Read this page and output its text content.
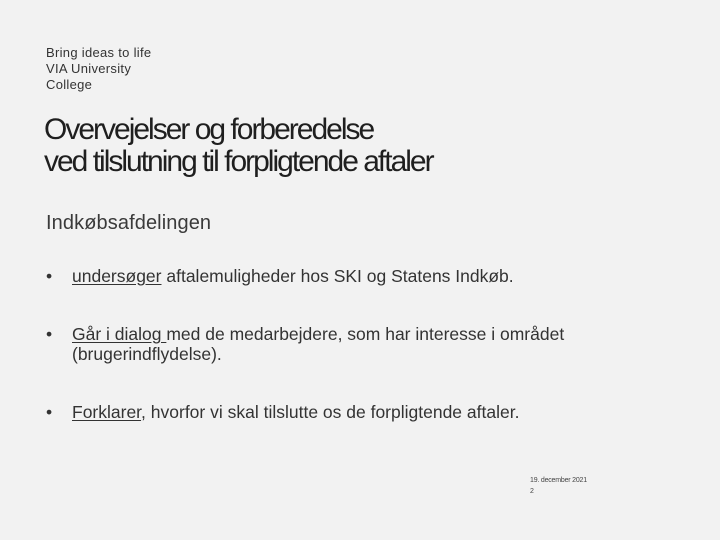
Bring ideas to life
VIA University
College
Overvejelser og forberedelse
ved tilslutning til forpligtende aftaler
Indkøbsafdelingen
•	undersøger aftalemuligheder hos SKI og Statens Indkøb.
•	Går i dialog med de medarbejdere, som har interesse i området (brugerindflydelse).
•	Forklarer, hvorfor vi skal tilslutte os de forpligtende aftaler.
19. december 2021
2
